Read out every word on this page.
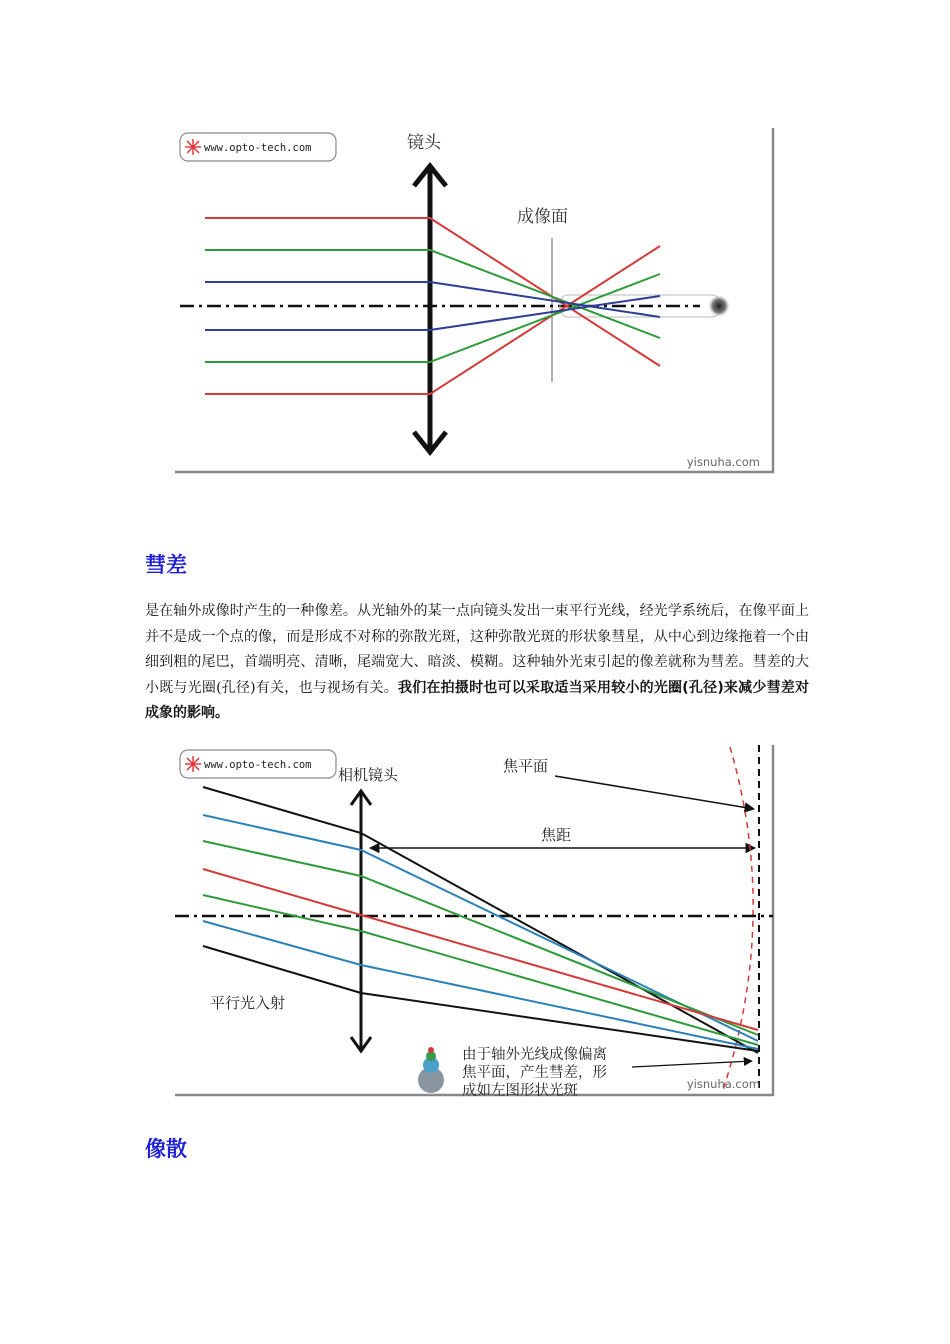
www.opto-tech.com	镜头
成像面
yisnuha.com
彗差

是在轴外成像时产生的一种像差。从光轴外的某一点向镜头发出一束平行光线，经光学系统后，在像平面上并不是成一个点的像，而是形成不对称的弥散光斑，这种弥散光斑的形状象彗星，从中心到边缘拖着一个由细到粗的尾巴，首端明亮、清晰，尾端宽大、暗淡、模糊。这种轴外光束引起的像差就称为彗差。彗差的大小既与光圈(孔径)有关，也与视场有关。我们在拍摄时也可以采取适当采用较小的光圈(孔径)来减少彗差对成象的影响。

www.opto-tech.com
相机镜头	焦平面
焦距
平行光入射
由于轴外光线成像偏离
焦平面，产生彗差，形
成如左图形状光斑	yisnuha.com
像散
